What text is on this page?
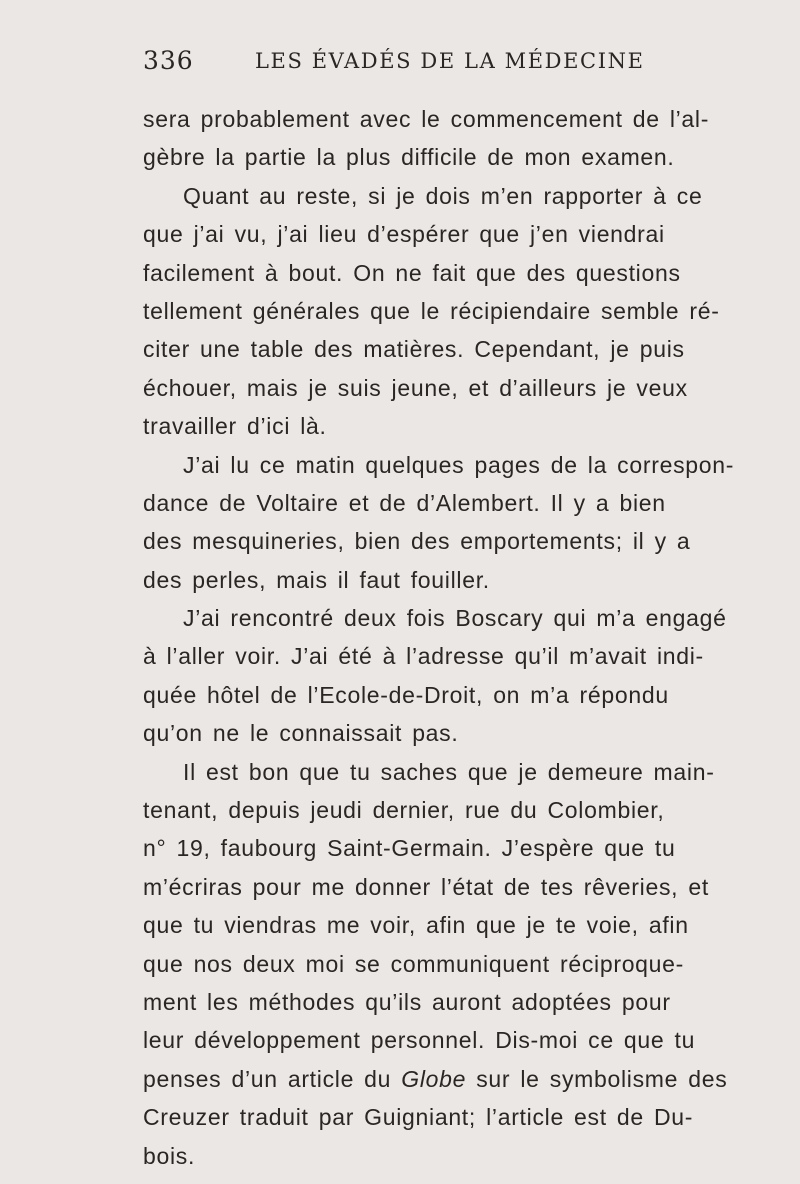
336	LES ÉVADÉS DE LA MÉDECINE
sera probablement avec le commencement de l’al-
gèbre la partie la plus difficile de mon examen.
Quant au reste, si je dois m’en rapporter à ce
que j’ai vu, j’ai lieu d’espérer que j’en viendrai
facilement à bout. On ne fait que des questions
tellement générales que le récipiendaire semble ré-
citer une table des matières. Cependant, je puis
échouer, mais je suis jeune, et d’ailleurs je veux
travailler d’ici là.
J’ai lu ce matin quelques pages de la correspon-
dance de Voltaire et de d’Alembert. Il y a bien
des mesquineries, bien des emportements; il y a
des perles, mais il faut fouiller.
J’ai rencontré deux fois Boscary qui m’a engagé
à l’aller voir. J’ai été à l’adresse qu’il m’avait indi-
quée hôtel de l’Ecole-de-Droit, on m’a répondu
qu’on ne le connaissait pas.
Il est bon que tu saches que je demeure main-
tenant, depuis jeudi dernier, rue du Colombier,
n° 19, faubourg Saint-Germain. J’espère que tu
m’écriras pour me donner l’état de tes rêveries, et
que tu viendras me voir, afin que je te voie, afin
que nos deux moi se communiquent réciproque-
ment les méthodes qu’ils auront adoptées pour
leur développement personnel. Dis-moi ce que tu
penses d’un article du Globe sur le symbolisme des
Creuzer traduit par Guigniant; l’article est de Du-
bois.
